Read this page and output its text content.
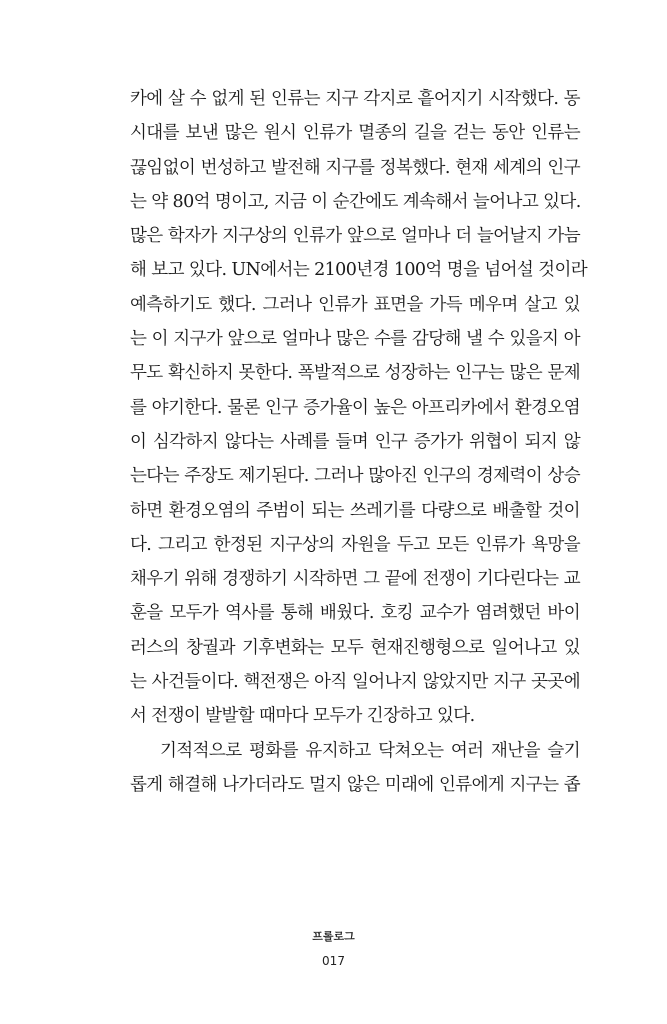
카에 살 수 없게 된 인류는 지구 각지로 흩어지기 시작했다. 동
시대를 보낸 많은 원시 인류가 멸종의 길을 걷는 동안 인류는
끊임없이 번성하고 발전해 지구를 정복했다. 현재 세계의 인구
는 약 80억 명이고, 지금 이 순간에도 계속해서 늘어나고 있다.
많은 학자가 지구상의 인류가 앞으로 얼마나 더 늘어날지 가늠
해 보고 있다. UN에서는 2100년경 100억 명을 넘어설 것이라
예측하기도 했다. 그러나 인류가 표면을 가득 메우며 살고 있
는 이 지구가 앞으로 얼마나 많은 수를 감당해 낼 수 있을지 아
무도 확신하지 못한다. 폭발적으로 성장하는 인구는 많은 문제
를 야기한다. 물론 인구 증가율이 높은 아프리카에서 환경오염
이 심각하지 않다는 사례를 들며 인구 증가가 위협이 되지 않
는다는 주장도 제기된다. 그러나 많아진 인구의 경제력이 상승
하면 환경오염의 주범이 되는 쓰레기를 다량으로 배출할 것이
다. 그리고 한정된 지구상의 자원을 두고 모든 인류가 욕망을
채우기 위해 경쟁하기 시작하면 그 끝에 전쟁이 기다린다는 교
훈을 모두가 역사를 통해 배웠다. 호킹 교수가 염려했던 바이
러스의 창궐과 기후변화는 모두 현재진행형으로 일어나고 있
는 사건들이다. 핵전쟁은 아직 일어나지 않았지만 지구 곳곳에
서 전쟁이 발발할 때마다 모두가 긴장하고 있다.
기적적으로 평화를 유지하고 닥쳐오는 여러 재난을 슬기
롭게 해결해 나가더라도 멀지 않은 미래에 인류에게 지구는 좁
프롤로그
017
